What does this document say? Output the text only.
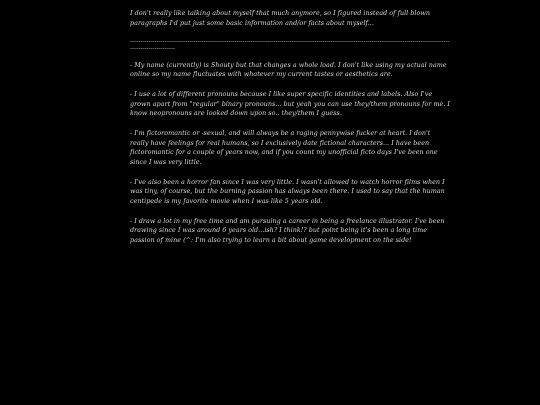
I don't really like talking about myself that much anymore, so I figured instead of full blown paragraphs I'd put just some basic information and/or facts about myself...

----------------------------------------------------------------------------------------------------------------------------------------------------------------------------------

- My name (currently) is Shouty but that changes a whole load. I don't like using my actual name online so my name fluctuates with whatever my current tastes or aesthetics are.

- I use a lot of different pronouns because I like super specific identities and labels. Also I've grown apart from "regular" binary pronouns... but yeah you can use they/them pronouns for me. I know neopronouns are looked down upon so.. they/them I guess.

- I'm fictoromantic or -sexual, and will always be a raging pennywise fucker at heart. I don't really have feelings for real humans, so I exclusively date fictional characters... I have been fictoromantic for a couple of years now, and if you count my unofficial ficto days I've been one since I was very little.

- I've also been a horror fan since I was very little. I wasn't allowed to watch horror films when I was tiny, of course, but the burning passion has always been there. I used to say that the human centipede is my favorite movie when I was like 5 years old.

- I draw a lot in my free time and am pursuing a career in being a freelance illustrator. I've been drawing since I was around 6 years old...ish? I think!? but point being it's been a long time passion of mine (^: I'm also trying to learn a bit about game development on the side!
